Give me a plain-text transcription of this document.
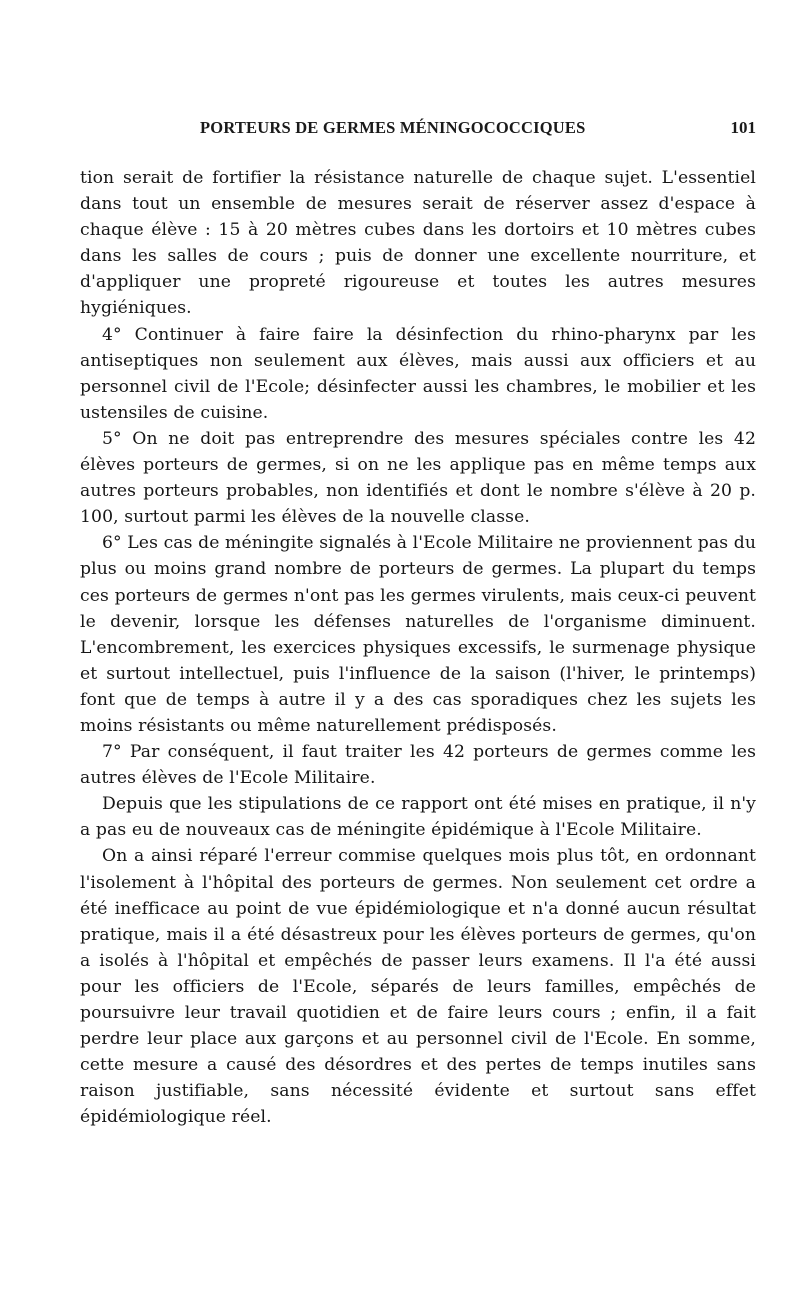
PORTEURS DE GERMES MÉNINGOCOCCIQUES	101

tion serait de fortifier la résistance naturelle de chaque sujet. L'essentiel dans tout un ensemble de mesures serait de réserver assez d'espace à chaque élève : 15 à 20 mètres cubes dans les dortoirs et 10 mètres cubes dans les salles de cours ; puis de donner une excellente nourriture, et d'appliquer une propreté rigoureuse et toutes les autres mesures hygiéniques.

4° Continuer à faire faire la désinfection du rhino-pharynx par les antiseptiques non seulement aux élèves, mais aussi aux officiers et au personnel civil de l'Ecole; désinfecter aussi les chambres, le mobilier et les ustensiles de cuisine.

5° On ne doit pas entreprendre des mesures spéciales contre les 42 élèves porteurs de germes, si on ne les applique pas en même temps aux autres porteurs probables, non identifiés et dont le nombre s'élève à 20 p. 100, surtout parmi les élèves de la nouvelle classe.

6° Les cas de méningite signalés à l'Ecole Militaire ne proviennent pas du plus ou moins grand nombre de porteurs de germes. La plupart du temps ces porteurs de germes n'ont pas les germes virulents, mais ceux-ci peuvent le devenir, lorsque les défenses naturelles de l'organisme diminuent. L'encombrement, les exercices physiques excessifs, le surmenage physique et surtout intellectuel, puis l'influence de la saison (l'hiver, le printemps) font que de temps à autre il y a des cas sporadiques chez les sujets les moins résistants ou même naturellement prédisposés.

7° Par conséquent, il faut traiter les 42 porteurs de germes comme les autres élèves de l'Ecole Militaire.

Depuis que les stipulations de ce rapport ont été mises en pratique, il n'y a pas eu de nouveaux cas de méningite épidémique à l'Ecole Militaire.

On a ainsi réparé l'erreur commise quelques mois plus tôt, en ordonnant l'isolement à l'hôpital des porteurs de germes. Non seulement cet ordre a été inefficace au point de vue épidémiologique et n'a donné aucun résultat pratique, mais il a été désastreux pour les élèves porteurs de germes, qu'on a isolés à l'hôpital et empêchés de passer leurs examens. Il l'a été aussi pour les officiers de l'Ecole, séparés de leurs familles, empêchés de poursuivre leur travail quotidien et de faire leurs cours ; enfin, il a fait perdre leur place aux garçons et au personnel civil de l'Ecole. En somme, cette mesure a causé des désordres et des pertes de temps inutiles sans raison justifiable, sans nécessité évidente et surtout sans effet épidémiologique réel.
